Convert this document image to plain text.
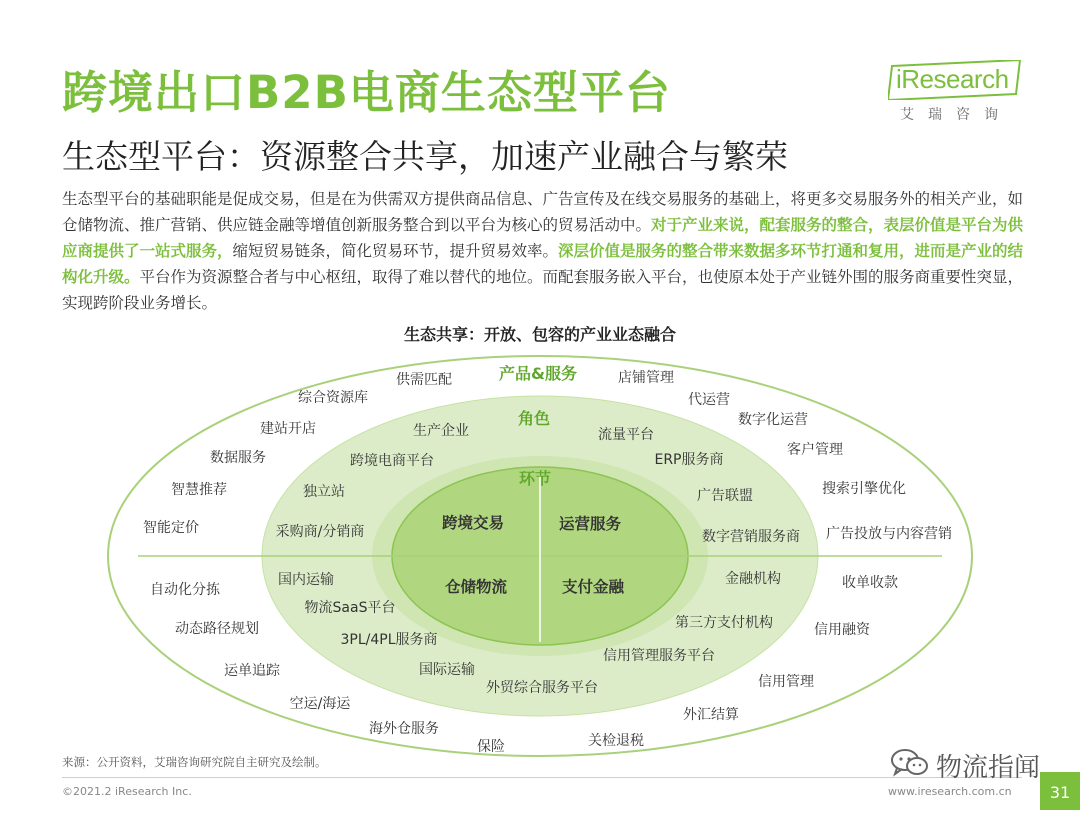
跨境出口B2B电商生态型平台
生态型平台：资源整合共享，加速产业融合与繁荣
iResearch
艾瑞咨询
生态型平台的基础职能是促成交易，但是在为供需双方提供商品信息、广告宣传及在线交易服务的基础上，将更多交易服务外的相关产业，如仓储物流、推广营销、供应链金融等增值创新服务整合到以平台为核心的贸易活动中。对于产业来说，配套服务的整合，表层价值是平台为供应商提供了一站式服务，缩短贸易链条，简化贸易环节，提升贸易效率。深层价值是服务的整合带来数据多环节打通和复用，进而是产业的结构化升级。平台作为资源整合者与中心枢纽，取得了难以替代的地位。而配套服务嵌入平台，也使原本处于产业链外围的服务商重要性突显，实现跨阶段业务增长。
生态共享：开放、包容的产业业态融合
产品&服务
角色
环节
跨境交易	运营服务
仓储物流	支付金融
供需匹配
综合资源库
建站开店
数据服务
智慧推荐
智能定价
自动化分拣
动态路径规划
运单追踪
空运/海运
海外仓服务
保险	关检退税
外汇结算
信用管理
信用融资
收单收款
广告投放与内容营销
搜索引擎优化
客户管理
数字化运营
代运营
店铺管理
生产企业
跨境电商平台
独立站
采购商/分销商
国内运输
物流SaaS平台
3PL/4PL服务商
国际运输
外贸综合服务平台
信用管理服务平台
第三方支付机构
金融机构
数字营销服务商
广告联盟
ERP服务商
流量平台
来源：公开资料，艾瑞咨询研究院自主研究及绘制。
©2021.2 iResearch Inc.	www.iresearch.com.cn	31
物流指闻
